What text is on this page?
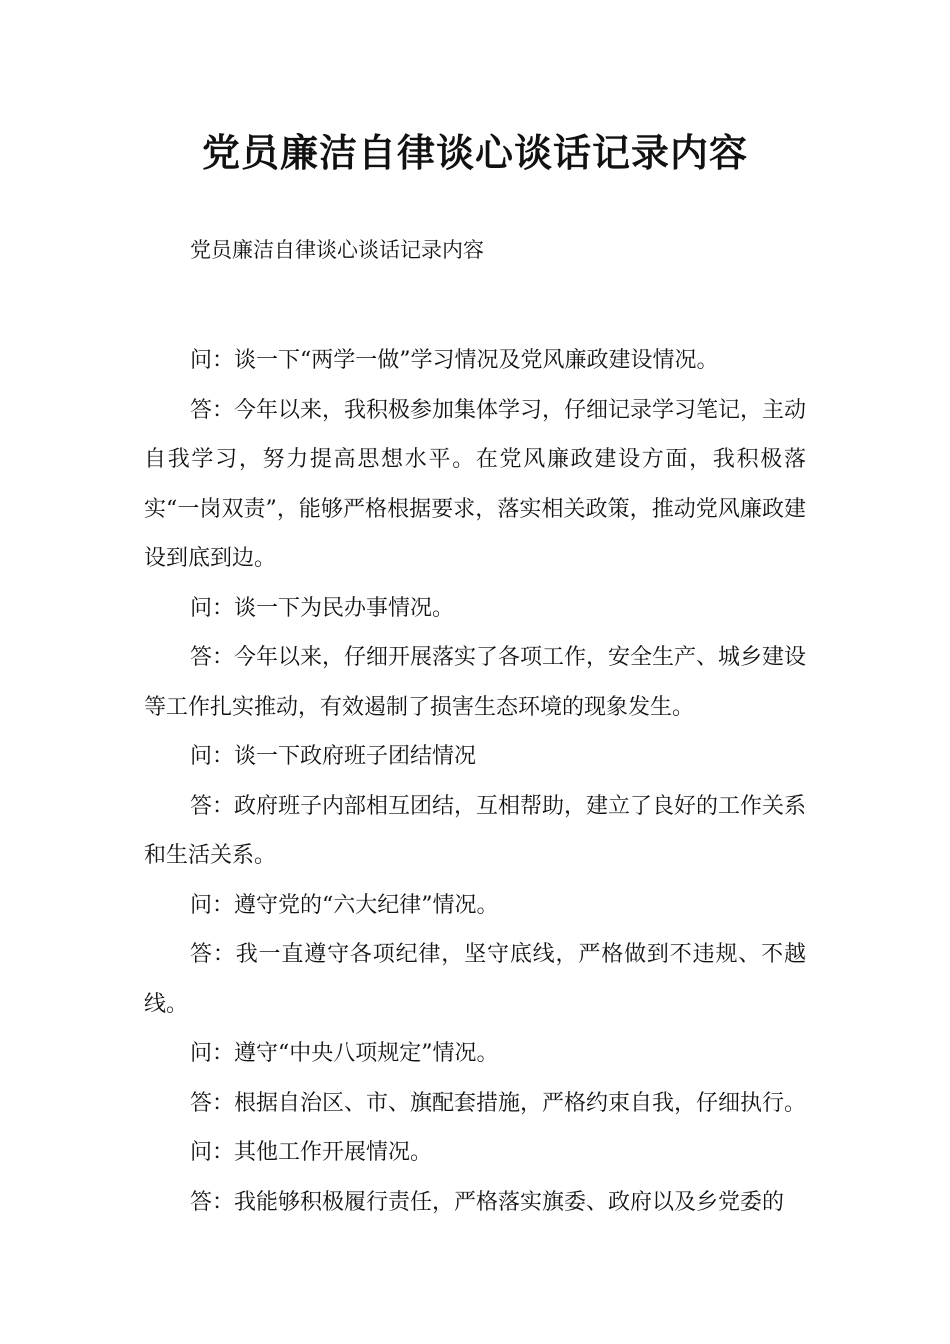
党员廉洁自律谈心谈话记录内容

党员廉洁自律谈心谈话记录内容

问：谈一下“两学一做”学习情况及党风廉政建设情况。

答：今年以来，我积极参加集体学习，仔细记录学习笔记，主动自我学习，努力提高思想水平。在党风廉政建设方面，我积极落实“一岗双责”，能够严格根据要求，落实相关政策，推动党风廉政建设到底到边。

问：谈一下为民办事情况。

答：今年以来，仔细开展落实了各项工作，安全生产、城乡建设等工作扎实推动，有效遏制了损害生态环境的现象发生。

问：谈一下政府班子团结情况

答：政府班子内部相互团结，互相帮助，建立了良好的工作关系和生活关系。

问：遵守党的“六大纪律”情况。

答：我一直遵守各项纪律，坚守底线，严格做到不违规、不越线。

问：遵守“中央八项规定”情况。

答：根据自治区、市、旗配套措施，严格约束自我，仔细执行。

问：其他工作开展情况。

答：我能够积极履行责任，严格落实旗委、政府以及乡党委的
